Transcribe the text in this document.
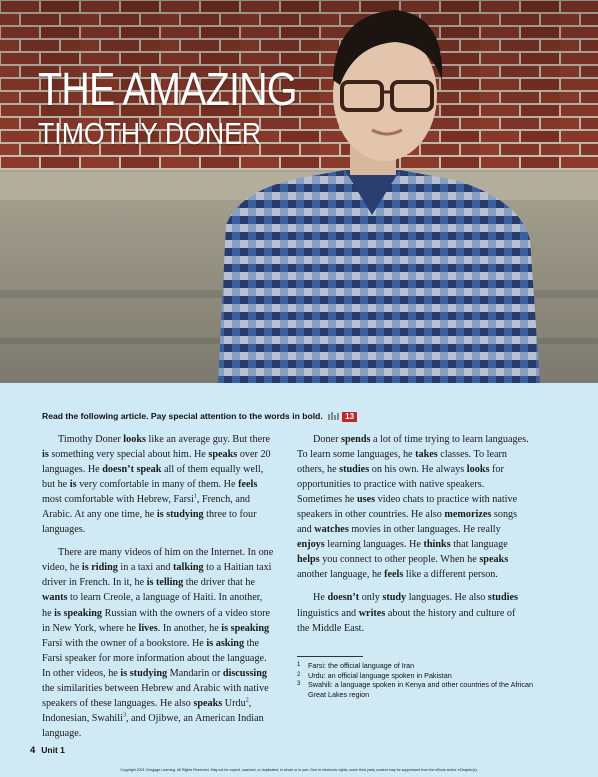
THE AMAZING
TIMOTHY DONER
Read the following article. Pay special attention to the words in bold.	13

Timothy Doner looks like an average guy. But there is something very special about him. He speaks over 20 languages. He doesn’t speak all of them equally well, but he is very comfortable in many of them. He feels most comfortable with Hebrew, Farsi$^1$, French, and Arabic. At any one time, he is studying three to four languages.

There are many videos of him on the Internet. In one video, he is riding in a taxi and talking to a Haitian taxi driver in French. In it, he is telling the driver that he wants to learn Creole, a language of Haiti. In another, he is speaking Russian with the owners of a video store in New York, where he lives. In another, he is speaking Farsi with the owner of a bookstore. He is asking the Farsi speaker for more information about the language. In other videos, he is studying Mandarin or discussing the similarities between Hebrew and Arabic with native speakers of these languages. He also speaks Urdu$^2$, Indonesian, Swahili$^3$, and Ojibwe, an American Indian language.

Doner spends a lot of time trying to learn languages. To learn some languages, he takes classes. To learn others, he studies on his own. He always looks for opportunities to practice with native speakers. Sometimes he uses video chats to practice with native speakers in other countries. He also memorizes songs and watches movies in other languages. He really enjoys learning languages. He thinks that language helps you connect to other people. When he speaks another language, he feels like a different person.

He doesn’t only study languages. He also studies linguistics and writes about the history and culture of the Middle East.

1 Farsi: the official language of Iran
2 Urdu: an official language spoken in Pakistan
3 Swahili: a language spoken in Kenya and other countries of the African Great Lakes region
4 Unit 1
Copyright 2021 Cengage Learning. All Rights Reserved. May not be copied, scanned, or duplicated, in whole or in part. Due to electronic rights, some third party content may be suppressed from the eBook and/or eChapter(s).
